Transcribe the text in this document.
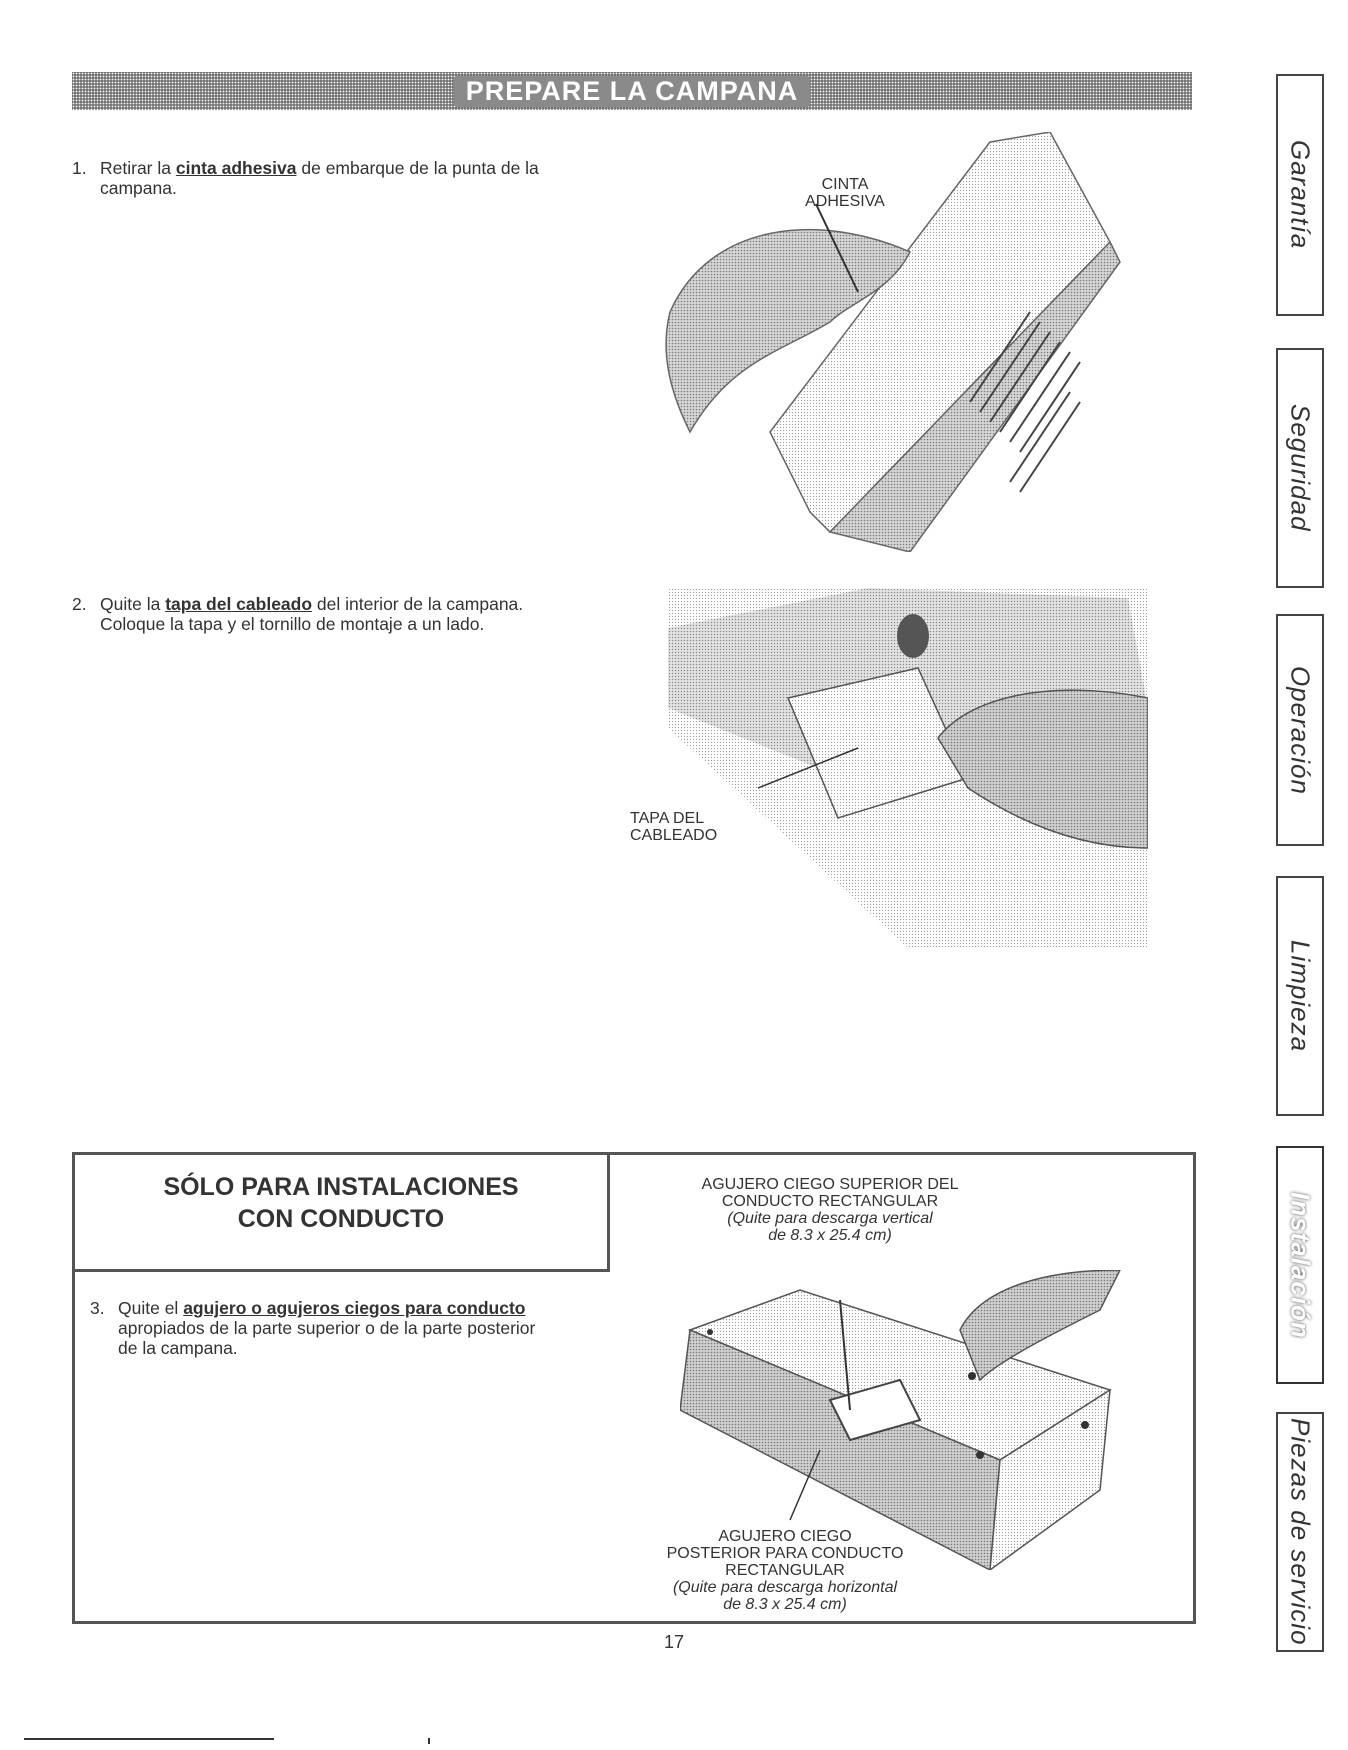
PREPARE LA CAMPANA
1. Retirar la cinta adhesiva de embarque de la punta de la
campana.	CINTA
ADHESIVA
2. Quite la tapa del cableado del interior de la campana.
Coloque la tapa y el tornillo de montaje a un lado.
TAPA DEL
CABLEADO
SÓLO PARA INSTALACIONES
CON CONDUCTO
3. Quite el agujero o agujeros ciegos para conducto
apropiados de la parte superior o de la parte posterior
de la campana.
AGUJERO CIEGO SUPERIOR DEL
CONDUCTO RECTANGULAR
(Quite para descarga vertical
de 8.3 x 25.4 cm)
AGUJERO CIEGO
POSTERIOR PARA CONDUCTO
RECTANGULAR
(Quite para descarga horizontal
de 8.3 x 25.4 cm)
Garantía
Seguridad
Operación
Limpieza
Instalación
Piezas de servicio
17
